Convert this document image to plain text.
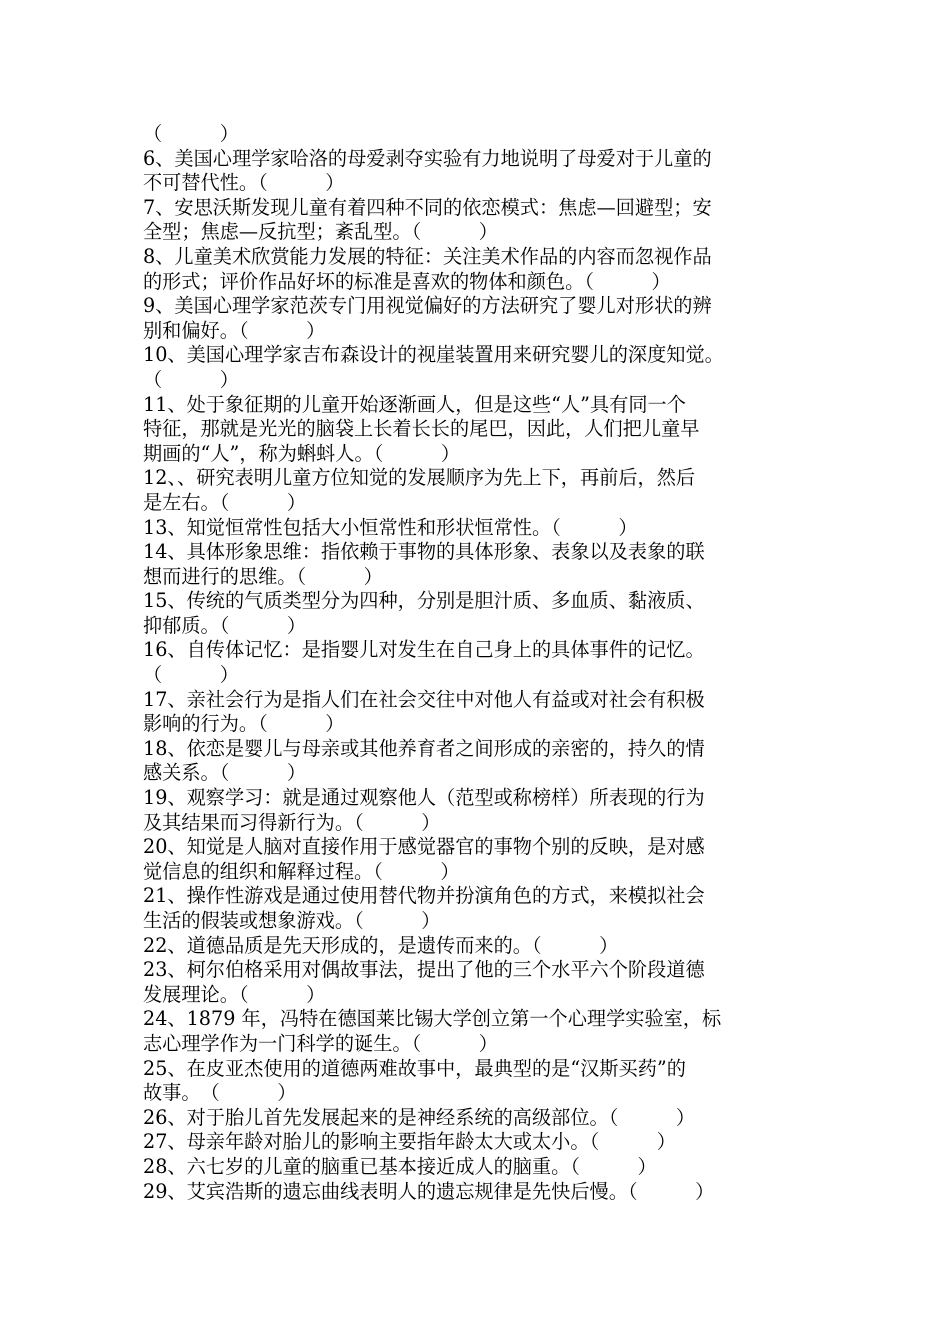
（　　　）
6、美国心理学家哈洛的母爱剥夺实验有力地说明了母爱对于儿童的
不可替代性。（　　　）
7、安思沃斯发现儿童有着四种不同的依恋模式：焦虑—回避型；安
全型；焦虑—反抗型；紊乱型。（　　　）
8、儿童美术欣赏能力发展的特征：关注美术作品的内容而忽视作品
的形式；评价作品好坏的标准是喜欢的物体和颜色。（　　　）
9、美国心理学家范茨专门用视觉偏好的方法研究了婴儿对形状的辨
别和偏好。（　　　）
10、美国心理学家吉布森设计的视崖装置用来研究婴儿的深度知觉。
（　　　）
11、处于象征期的儿童开始逐渐画人，但是这些“人”具有同一个
特征，那就是光光的脑袋上长着长长的尾巴，因此，人们把儿童早
期画的“人”，称为蝌蚪人。（　　　）
12、、研究表明儿童方位知觉的发展顺序为先上下，再前后，然后
是左右。（　　　）
13、知觉恒常性包括大小恒常性和形状恒常性。（　　　）
14、具体形象思维：指依赖于事物的具体形象、表象以及表象的联
想而进行的思维。（　　　）
15、传统的气质类型分为四种，分别是胆汁质、多血质、黏液质、
抑郁质。（　　　）
16、自传体记忆：是指婴儿对发生在自己身上的具体事件的记忆。
（　　　）
17、亲社会行为是指人们在社会交往中对他人有益或对社会有积极
影响的行为。（　　　）
18、依恋是婴儿与母亲或其他养育者之间形成的亲密的，持久的情
感关系。（　　　）
19、观察学习：就是通过观察他人（范型或称榜样）所表现的行为
及其结果而习得新行为。（　　　）
20、知觉是人脑对直接作用于感觉器官的事物个别的反映，是对感
觉信息的组织和解释过程。（　　　）
21、操作性游戏是通过使用替代物并扮演角色的方式，来模拟社会
生活的假装或想象游戏。（　　　）
22、道德品质是先天形成的，是遗传而来的。（　　　）
23、柯尔伯格采用对偶故事法，提出了他的三个水平六个阶段道德
发展理论。（　　　）
24、1879 年，冯特在德国莱比锡大学创立第一个心理学实验室，标
志心理学作为一门科学的诞生。（　　　）
25、在皮亚杰使用的道德两难故事中，最典型的是“汉斯买药”的
故事。　（　　　）
26、对于胎儿首先发展起来的是神经系统的高级部位。（　　　）
27、母亲年龄对胎儿的影响主要指年龄太大或太小。（　　　）
28、六七岁的儿童的脑重已基本接近成人的脑重。（　　　）
29、艾宾浩斯的遗忘曲线表明人的遗忘规律是先快后慢。（　　　）
